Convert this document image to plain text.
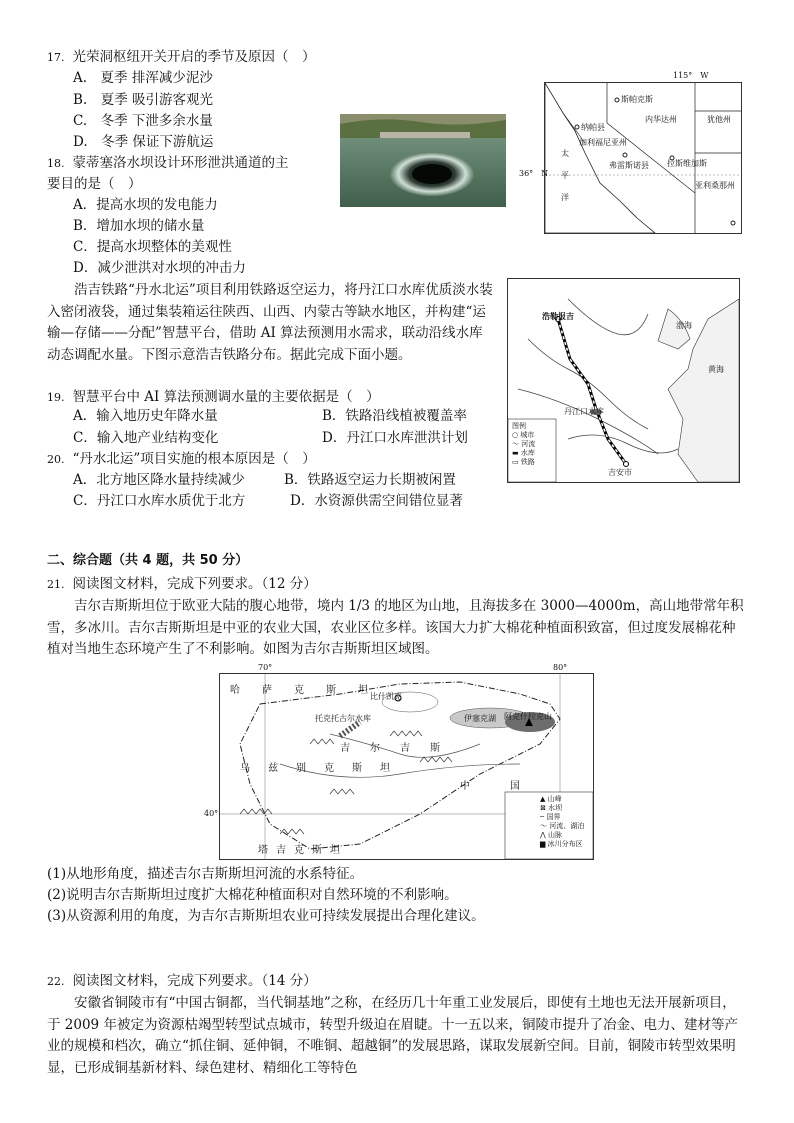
17. 光荣洞枢纽开关开启的季节及原因（　）
A.　夏季 排浑减少泥沙
B.　夏季 吸引游客观光
C.　冬季 下泄多余水量
D.　冬季 保证下游航运
115°　W
36°　N
太
平
洋
斯帕克斯
纳帕县
加利福尼亚州
内华达州	犹他州
弗雷斯诺县 拉斯维加斯
亚利桑那州
18. 蒙蒂塞洛水坝设计环形泄洪通道的主
要目的是（　）
A．提高水坝的发电能力
B．增加水坝的储水量
C．提高水坝整体的美观性
D．减少泄洪对水坝的冲击力
浩吉铁路“丹水北运”项目利用铁路返空运力，将丹江口水库优质淡水装入密闭液袋，通过集装箱运往陕西、山西、内蒙古等缺水地区，并构建“运输—存储——分配”智慧平台，借助 AI 算法预测用水需求，联动沿线水库动态调配水量。下图示意浩吉铁路分布。据此完成下面小题。
浩勒报吉
渤海
黄海
丹江口水库
吉安市
图例
○ 城市
～ 河流
▬ 水库
▭ 铁路
19. 智慧平台中 AI 算法预测调水量的主要依据是（　）
A．输入地历史年降水量	B．铁路沿线植被覆盖率
C．输入地产业结构变化	D．丹江口水库泄洪计划
20. “丹水北运”项目实施的根本原因是（　）
A．北方地区降水量持续减少	B．铁路返空运力长期被闲置
C．丹江口水库水质优于北方	D．水资源供需空间错位显著
二、综合题（共 4 题，共 50 分）
21. 阅读图文材料，完成下列要求。（12 分）
吉尔吉斯斯坦位于欧亚大陆的腹心地带，境内 1/3 的地区为山地，且海拔多在 3000—4000m，高山地带常年积雪，多冰川。吉尔吉斯斯坦是中亚的农业大国，农业区位多样。该国大力扩大棉花种植面积致富，但过度发展棉花种植对当地生态环境产生了不利影响。如图为吉尔吉斯斯坦区域图。
70°	80°
40°
哈萨克斯坦
比什凯克
托克托古尔水库	伊塞克湖 阿克什拉克山
乌兹别克斯坦
吉尔吉斯
中国
塔吉克斯坦
▲ 山峰
⊠ 水坝
╌ 国界
～ 河流、湖泊
⋀ 山脉
▆ 冰川分布区
(1)从地形角度，描述吉尔吉斯斯坦河流的水系特征。
(2)说明吉尔吉斯斯坦过度扩大棉花种植面积对自然环境的不利影响。
(3)从资源利用的角度，为吉尔吉斯斯坦农业可持续发展提出合理化建议。
22. 阅读图文材料，完成下列要求。（14 分）
安徽省铜陵市有“中国古铜都，当代铜基地”之称，在经历几十年重工业发展后，即使有土地也无法开展新项目，于 2009 年被定为资源枯竭型转型试点城市，转型升级迫在眉睫。十一五以来，铜陵市提升了冶金、电力、建材等产业的规模和档次，确立“抓住铜、延伸铜，不唯铜、超越铜”的发展思路，谋取发展新空间。目前，铜陵市转型效果明显，已形成铜基新材料、绿色建材、精细化工等特色
